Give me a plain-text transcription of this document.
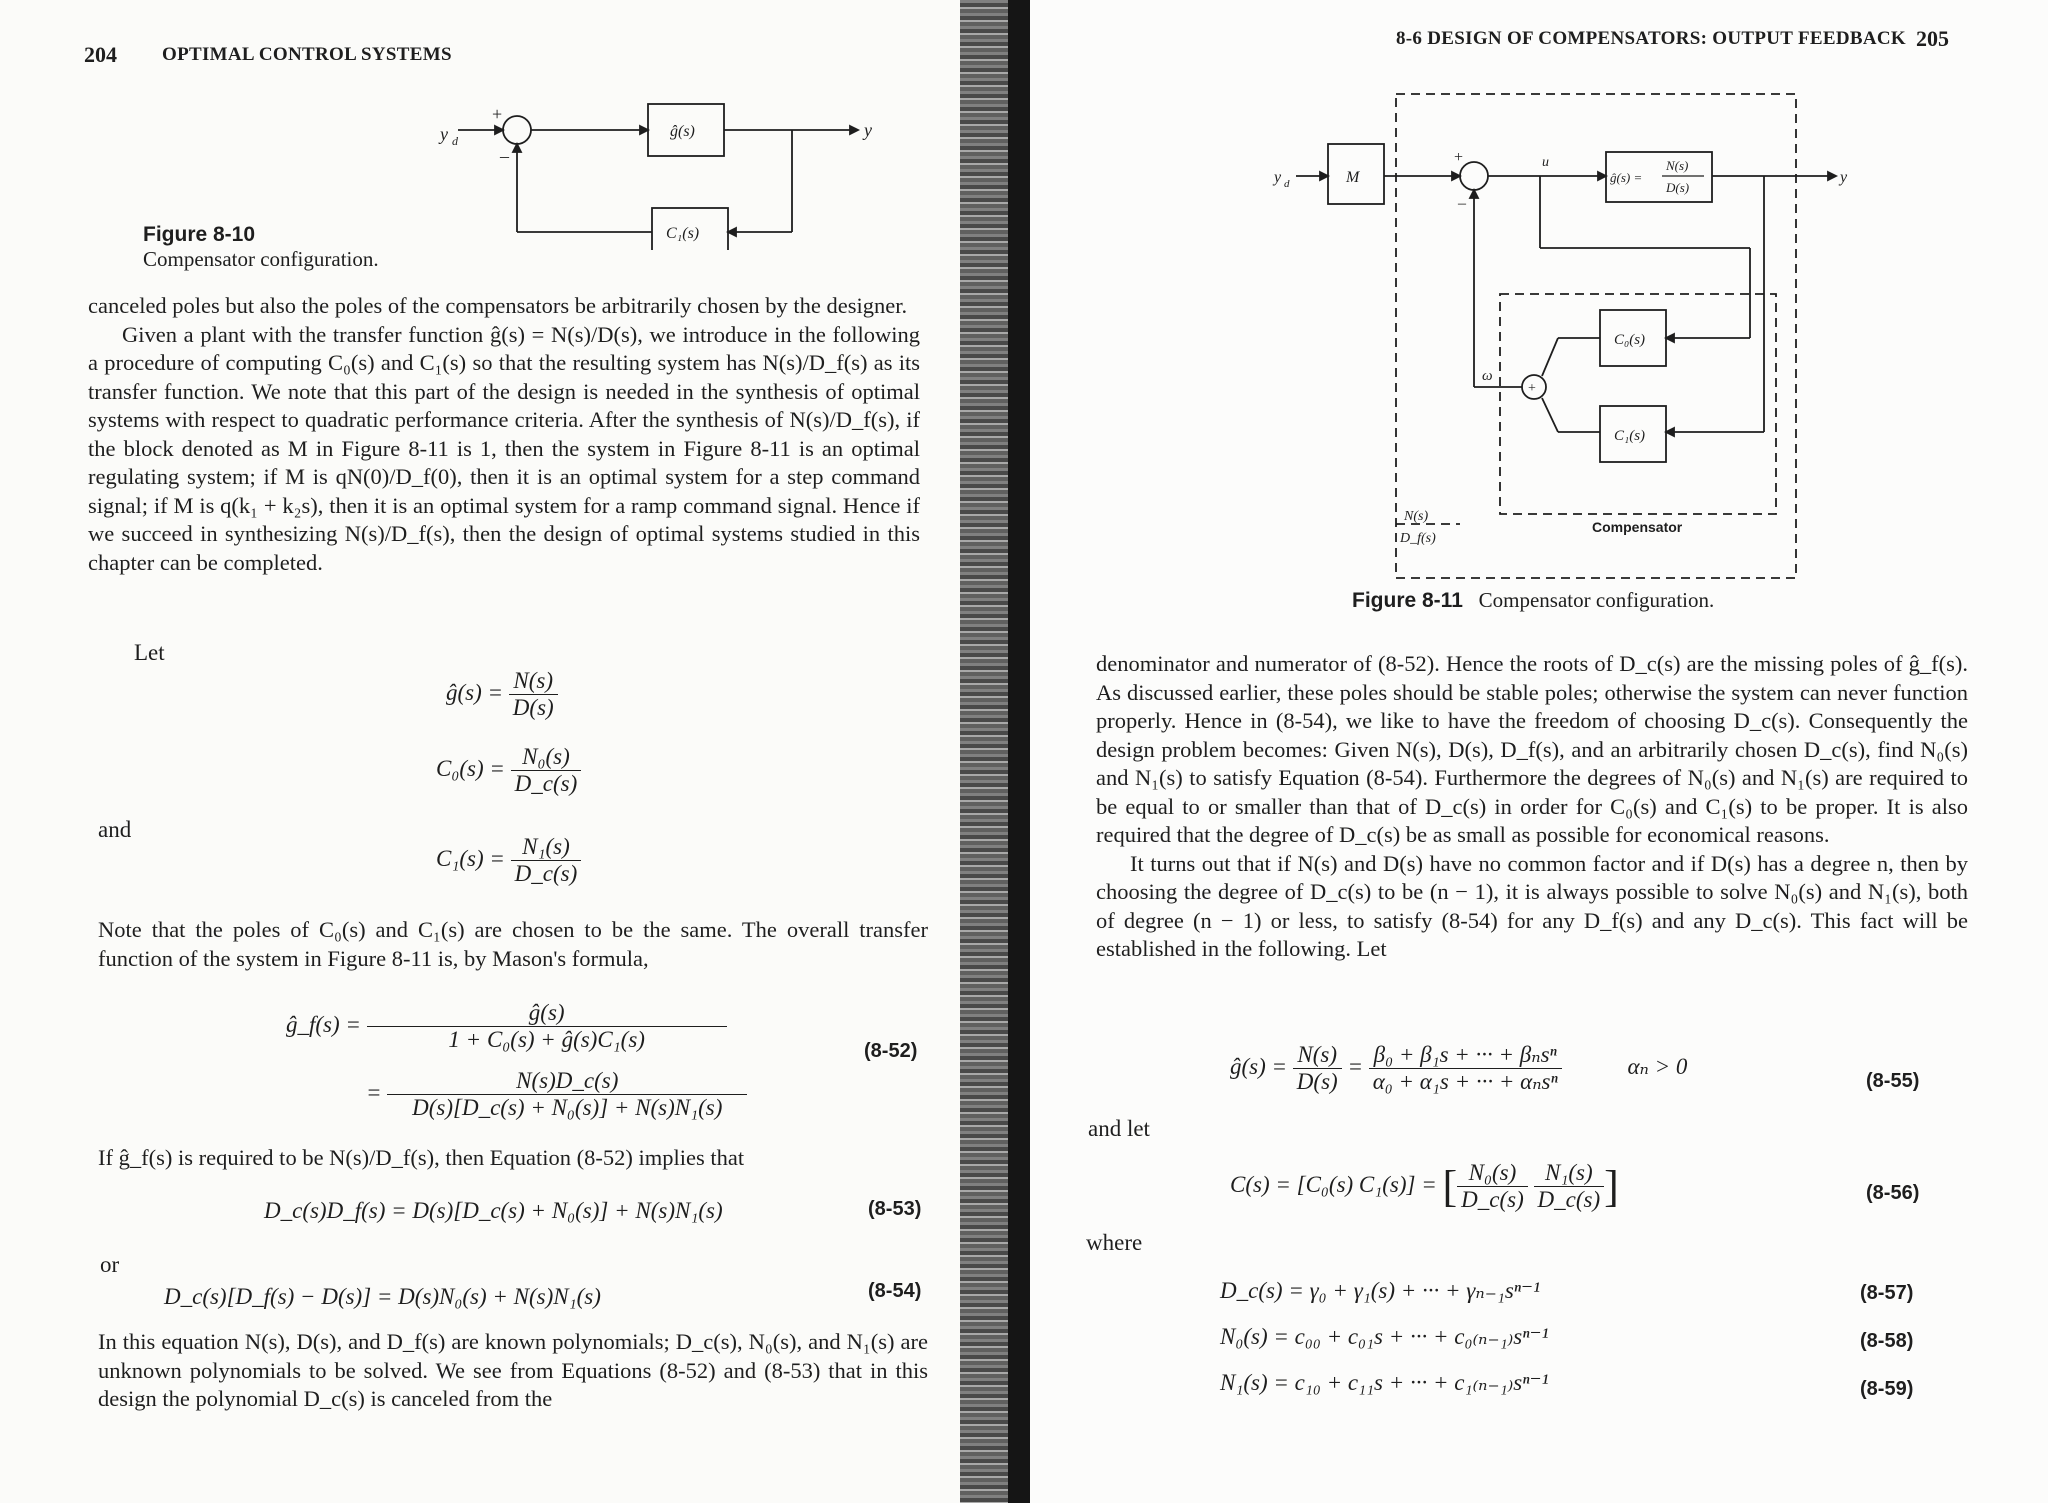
204 OPTIMAL CONTROL SYSTEMS
y d
+
–
ĝ(s)
C₁(s)
y
Figure 8-10
Compensator configuration.

canceled poles but also the poles of the compensators be arbitrarily chosen by the designer.

Given a plant with the transfer function ĝ(s) = N(s)/D(s), we introduce in the following a procedure of computing C₀(s) and C₁(s) so that the resulting system has N(s)/D_f(s) as its transfer function. We note that this part of the design is needed in the synthesis of optimal systems with respect to quadratic performance criteria. After the synthesis of N(s)/D_f(s), if the block denoted as M in Figure 8-11 is 1, then the system in Figure 8-11 is an optimal regulating system; if M is qN(0)/D_f(0), then it is an optimal system for a step command signal; if M is q(k₁ + k₂s), then it is an optimal system for a ramp command signal. Hence if we succeed in synthesizing N(s)/D_f(s), then the design of optimal systems studied in this chapter can be completed.

Let
ĝ(s) = $\frac{N(s)}{D(s)}$
$C_0(s) = \frac{\text{N₀(s)}}{D\_c(s)}$
and
$C_1(s) = \frac{\text{N₁(s)}}{D\_c(s)}$

Note that the poles of C₀(s) and C₁(s) are chosen to be the same. The overall transfer function of the system in Figure 8-11 is, by Mason's formula,

ĝ_f(s) = $\frac{ĝ(s)}{\text{1 + C₀(s) + ĝ(s)C₁(s)}}$	(8-52)
= $\frac{N(s)D\_c(s)}{\text{D(s)[D\_c(s) + N₀(s)] + N(s)N₁(s)}}$

If ĝ_f(s) is required to be N(s)/D_f(s), then Equation (8-52) implies that

D_c(s)D_f(s) = D(s)[D_c(s) + N₀(s)] + N(s)N₁(s)	(8-53)
or
D_c(s)[D_f(s) − D(s)] = D(s)N₀(s) + N(s)N₁(s)	(8-54)

In this equation N(s), D(s), and D_f(s) are known polynomials; D_c(s), N₀(s), and N₁(s) are unknown polynomials to be solved. We see from Equations (8-52) and (8-53) that in this design the polynomial D_c(s) is canceled from the

8-6 DESIGN OF COMPENSATORS: OUTPUT FEEDBACK 205
y d	M
+
–
u
ĝ(s) =
N(s)
D(s)
y
C₀(s)
C₁(s)
ω
+
N(s)
D_f(s)
Compensator
Figure 8-11 Compensator configuration.

denominator and numerator of (8-52). Hence the roots of D_c(s) are the missing poles of ĝ_f(s). As discussed earlier, these poles should be stable poles; otherwise the system can never function properly. Hence in (8-54), we like to have the freedom of choosing D_c(s). Consequently the design problem becomes: Given N(s), D(s), D_f(s), and an arbitrarily chosen D_c(s), find N₀(s) and N₁(s) to satisfy Equation (8-54). Furthermore the degrees of N₀(s) and N₁(s) are required to be equal to or smaller than that of D_c(s) in order for C₀(s) and C₁(s) to be proper. It is also required that the degree of D_c(s) be as small as possible for economical reasons.

It turns out that if N(s) and D(s) have no common factor and if D(s) has a degree n, then by choosing the degree of D_c(s) to be (n − 1), it is always possible to solve N₀(s) and N₁(s), both of degree (n − 1) or less, to satisfy (8-54) for any D_f(s) and any D_c(s). This fact will be established in the following. Let

ĝ(s) = $\frac{N(s)}{D(s)} = \frac{\text{β₀ + β₁s + ··· + βₙsⁿ}}{\text{α₀ + α₁s + ··· + αₙsⁿ}}$	αₙ > 0
(8-55)
and let
C(s) = [C₀(s) C₁(s)] = [ $\frac{\text{N₀(s)}}{D\_c(s)}$
$\frac{\text{N₁(s)}}{D\_c(s)}$ ]	(8-56)
where
D_c(s) = γ₀ + γ₁(s) + ··· + γₙ₋₁sⁿ⁻¹	(8-57)
N₀(s) = c₀₀ + c₀₁s + ··· + c₀₍ₙ₋₁₎sⁿ⁻¹	(8-58)
N₁(s) = c₁₀ + c₁₁s + ··· + c₁₍ₙ₋₁₎sⁿ⁻¹	(8-59)
